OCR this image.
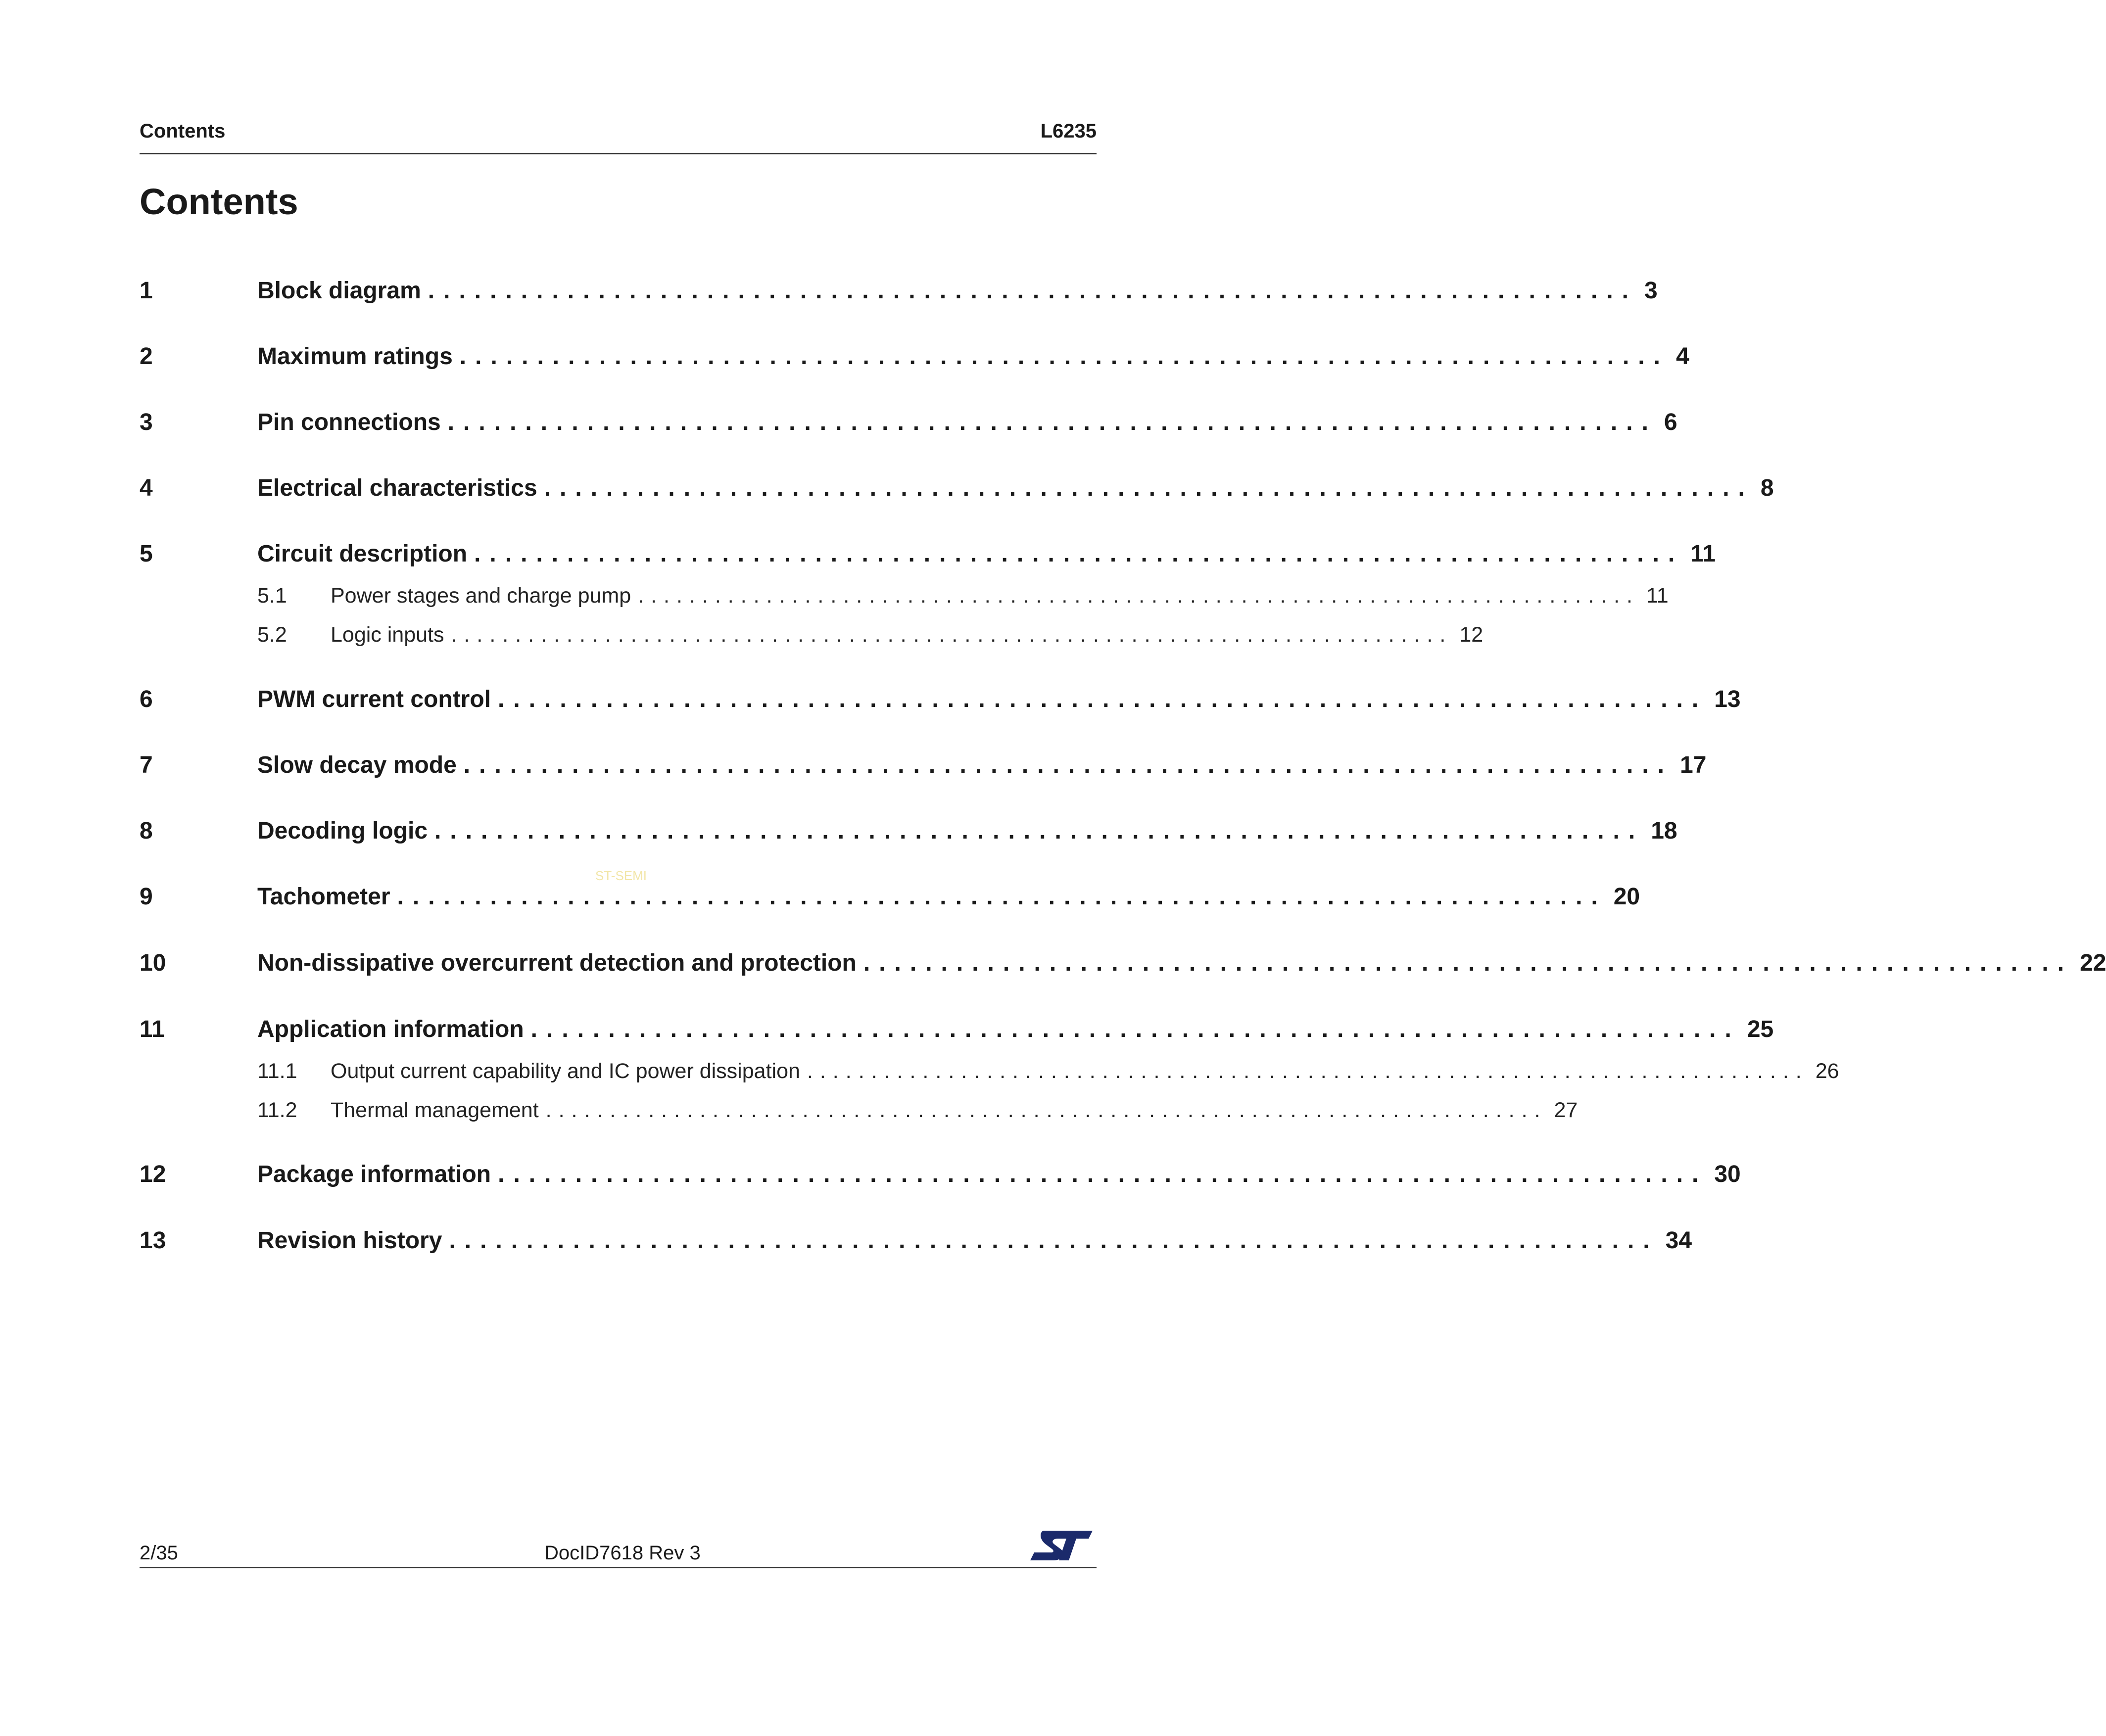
Contents	L6235
Contents
1	Block diagram .............................................................................. 3
2	Maximum ratings .............................................................................. 4
3	Pin connections .............................................................................. 6
4	Electrical characteristics .............................................................................. 8
5	Circuit description .............................................................................. 11
5.1 Power stages and charge pump .............................................................................. 11
5.2 Logic inputs .............................................................................. 12
6	PWM current control .............................................................................. 13
7	Slow decay mode .............................................................................. 17
8	Decoding logic .............................................................................. 18
9	Tachometer .............................................................................. 20
10	Non-dissipative overcurrent detection and protection .............................................................................. 22
11	Application information .............................................................................. 25
11.1 Output current capability and IC power dissipation .............................................................................. 26
11.2 Thermal management .............................................................................. 27
12	Package information .............................................................................. 30
13	Revision history .............................................................................. 34
ST-SEMI
2/35	DocID7618 Rev 3
